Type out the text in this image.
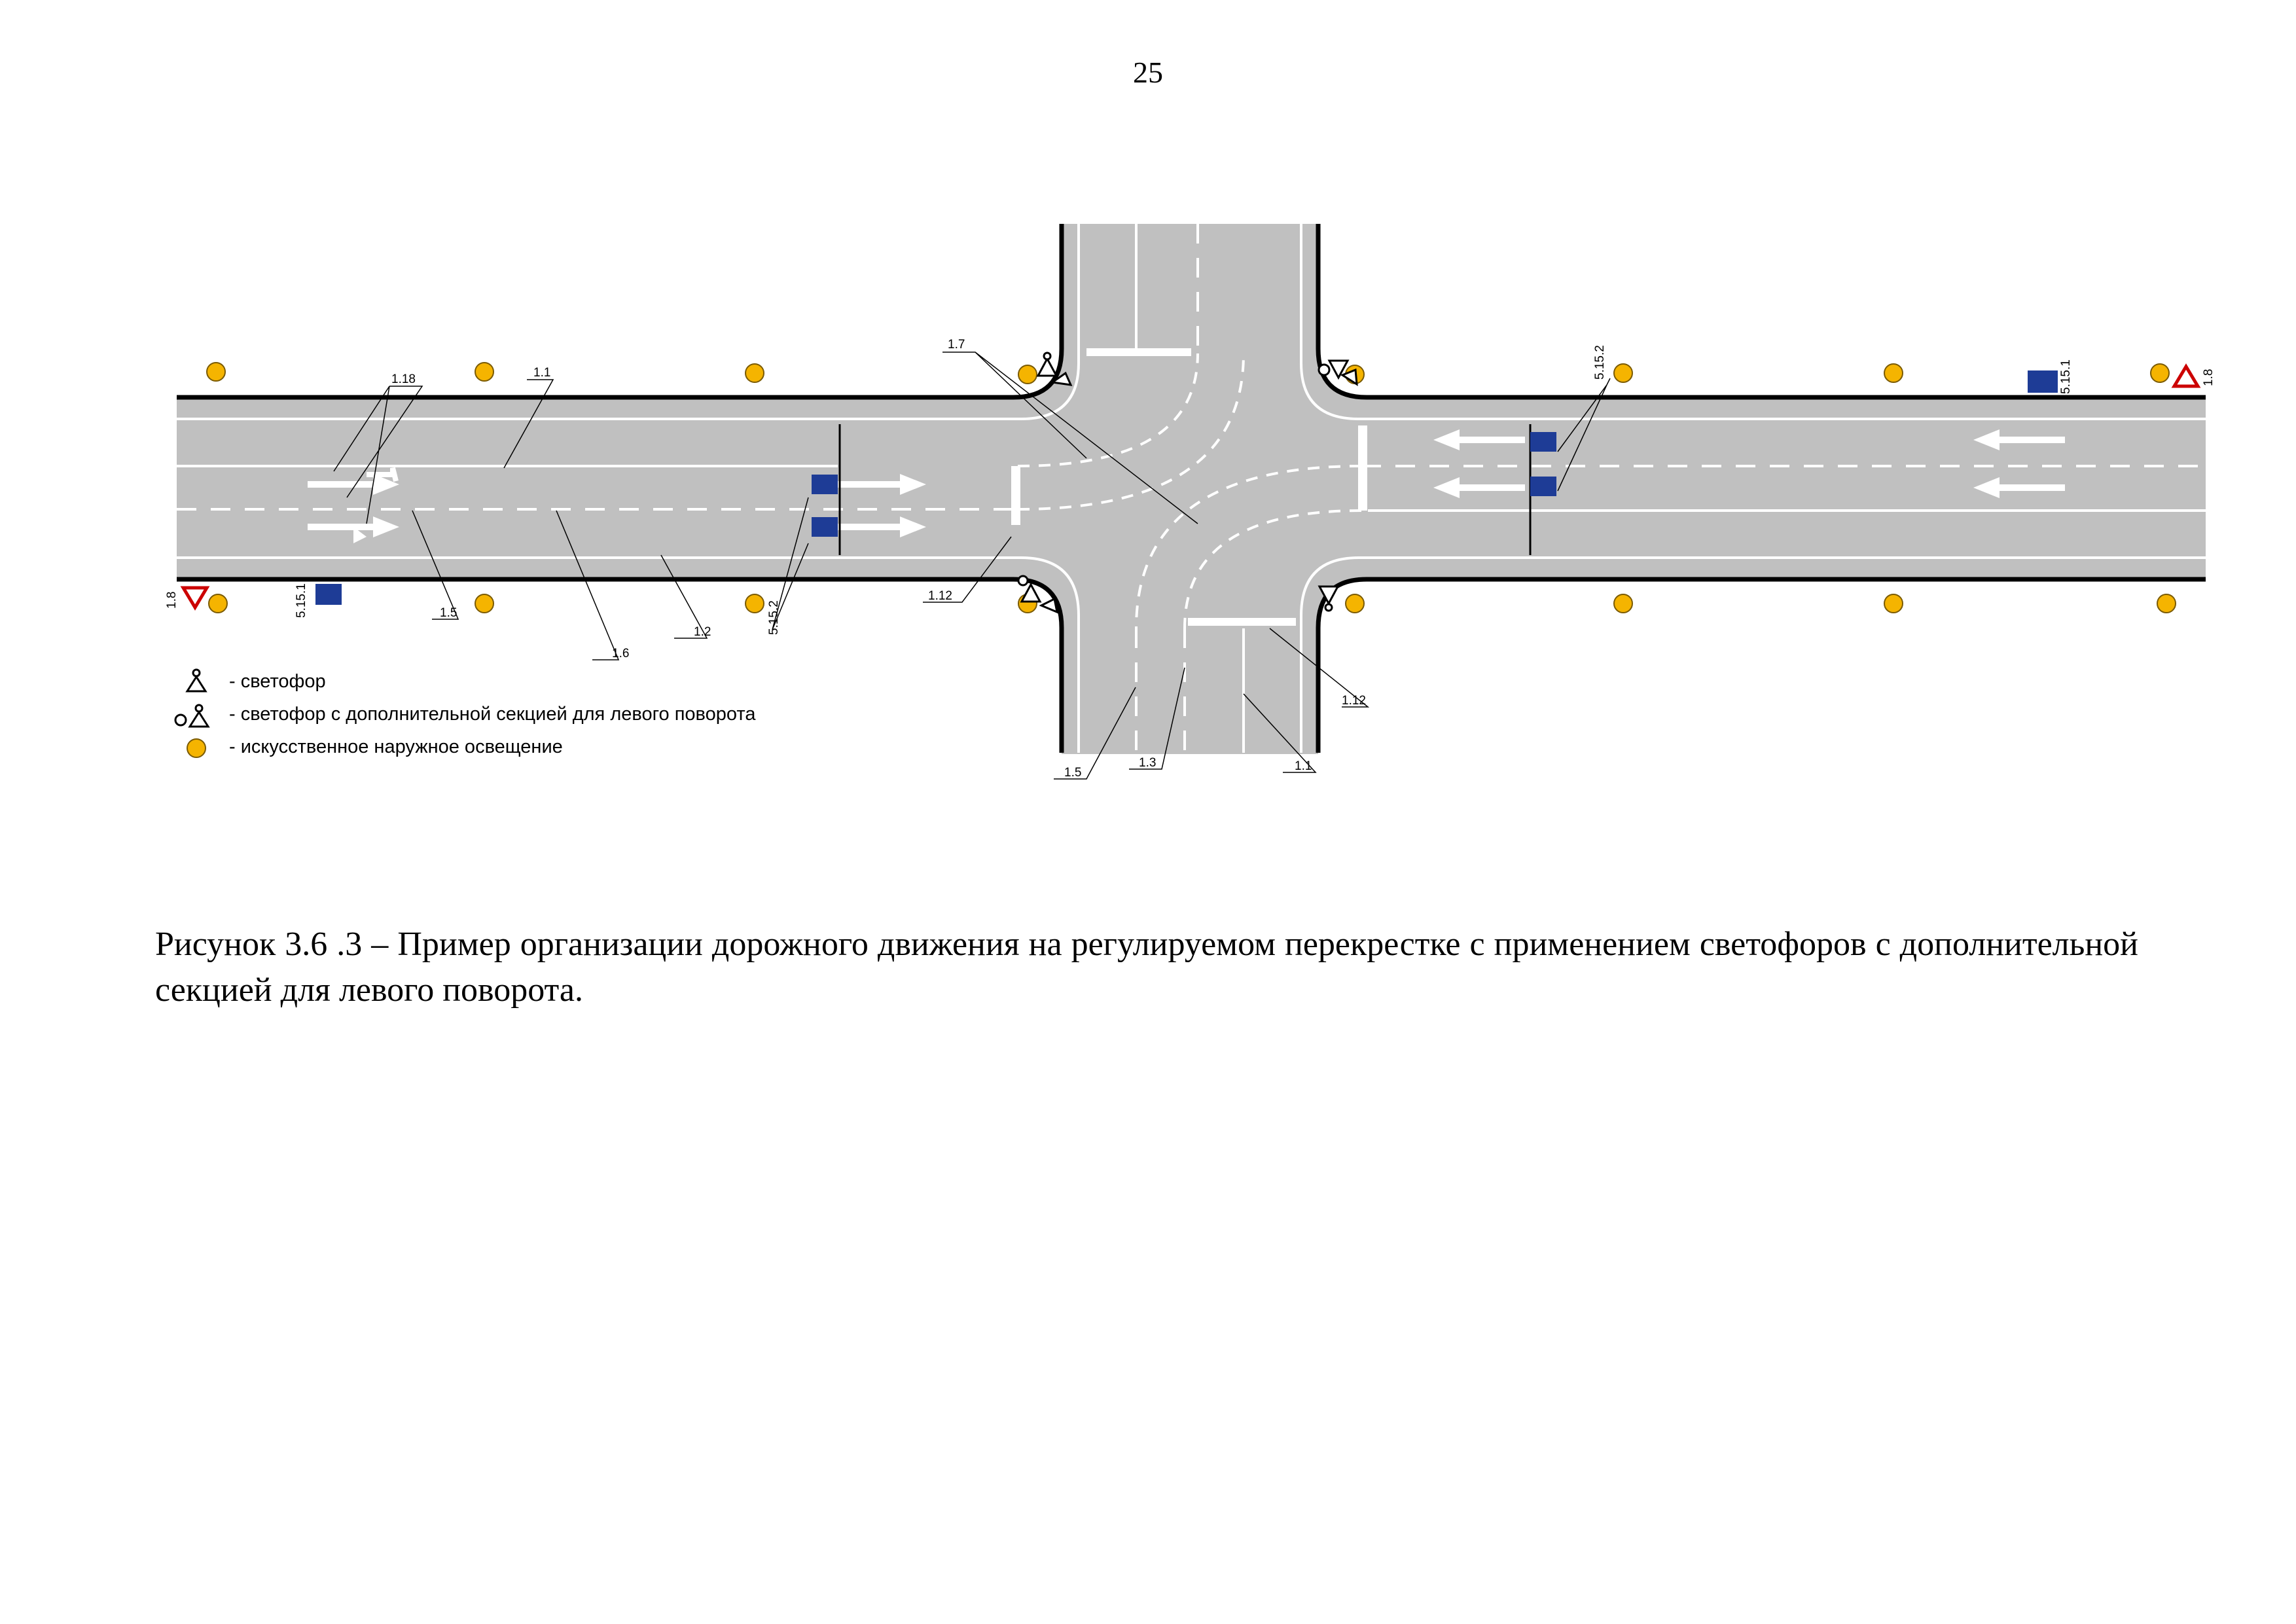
25
1.18	1.1
1.7
5.15.2	5.15.1	1.8
1.8	5.15.1	1.5
1.6
1.2	5.15.2
1.12
1.12
1.5
1.3	1.1
- светофор
- светофор с дополнительной секцией для левого поворота
- искусственное наружное освещение
Рисунок 3.6 .3 – Пример организации дорожного движения на регулируемом перекрестке с применением светофоров с дополнительной секцией для левого поворота.
